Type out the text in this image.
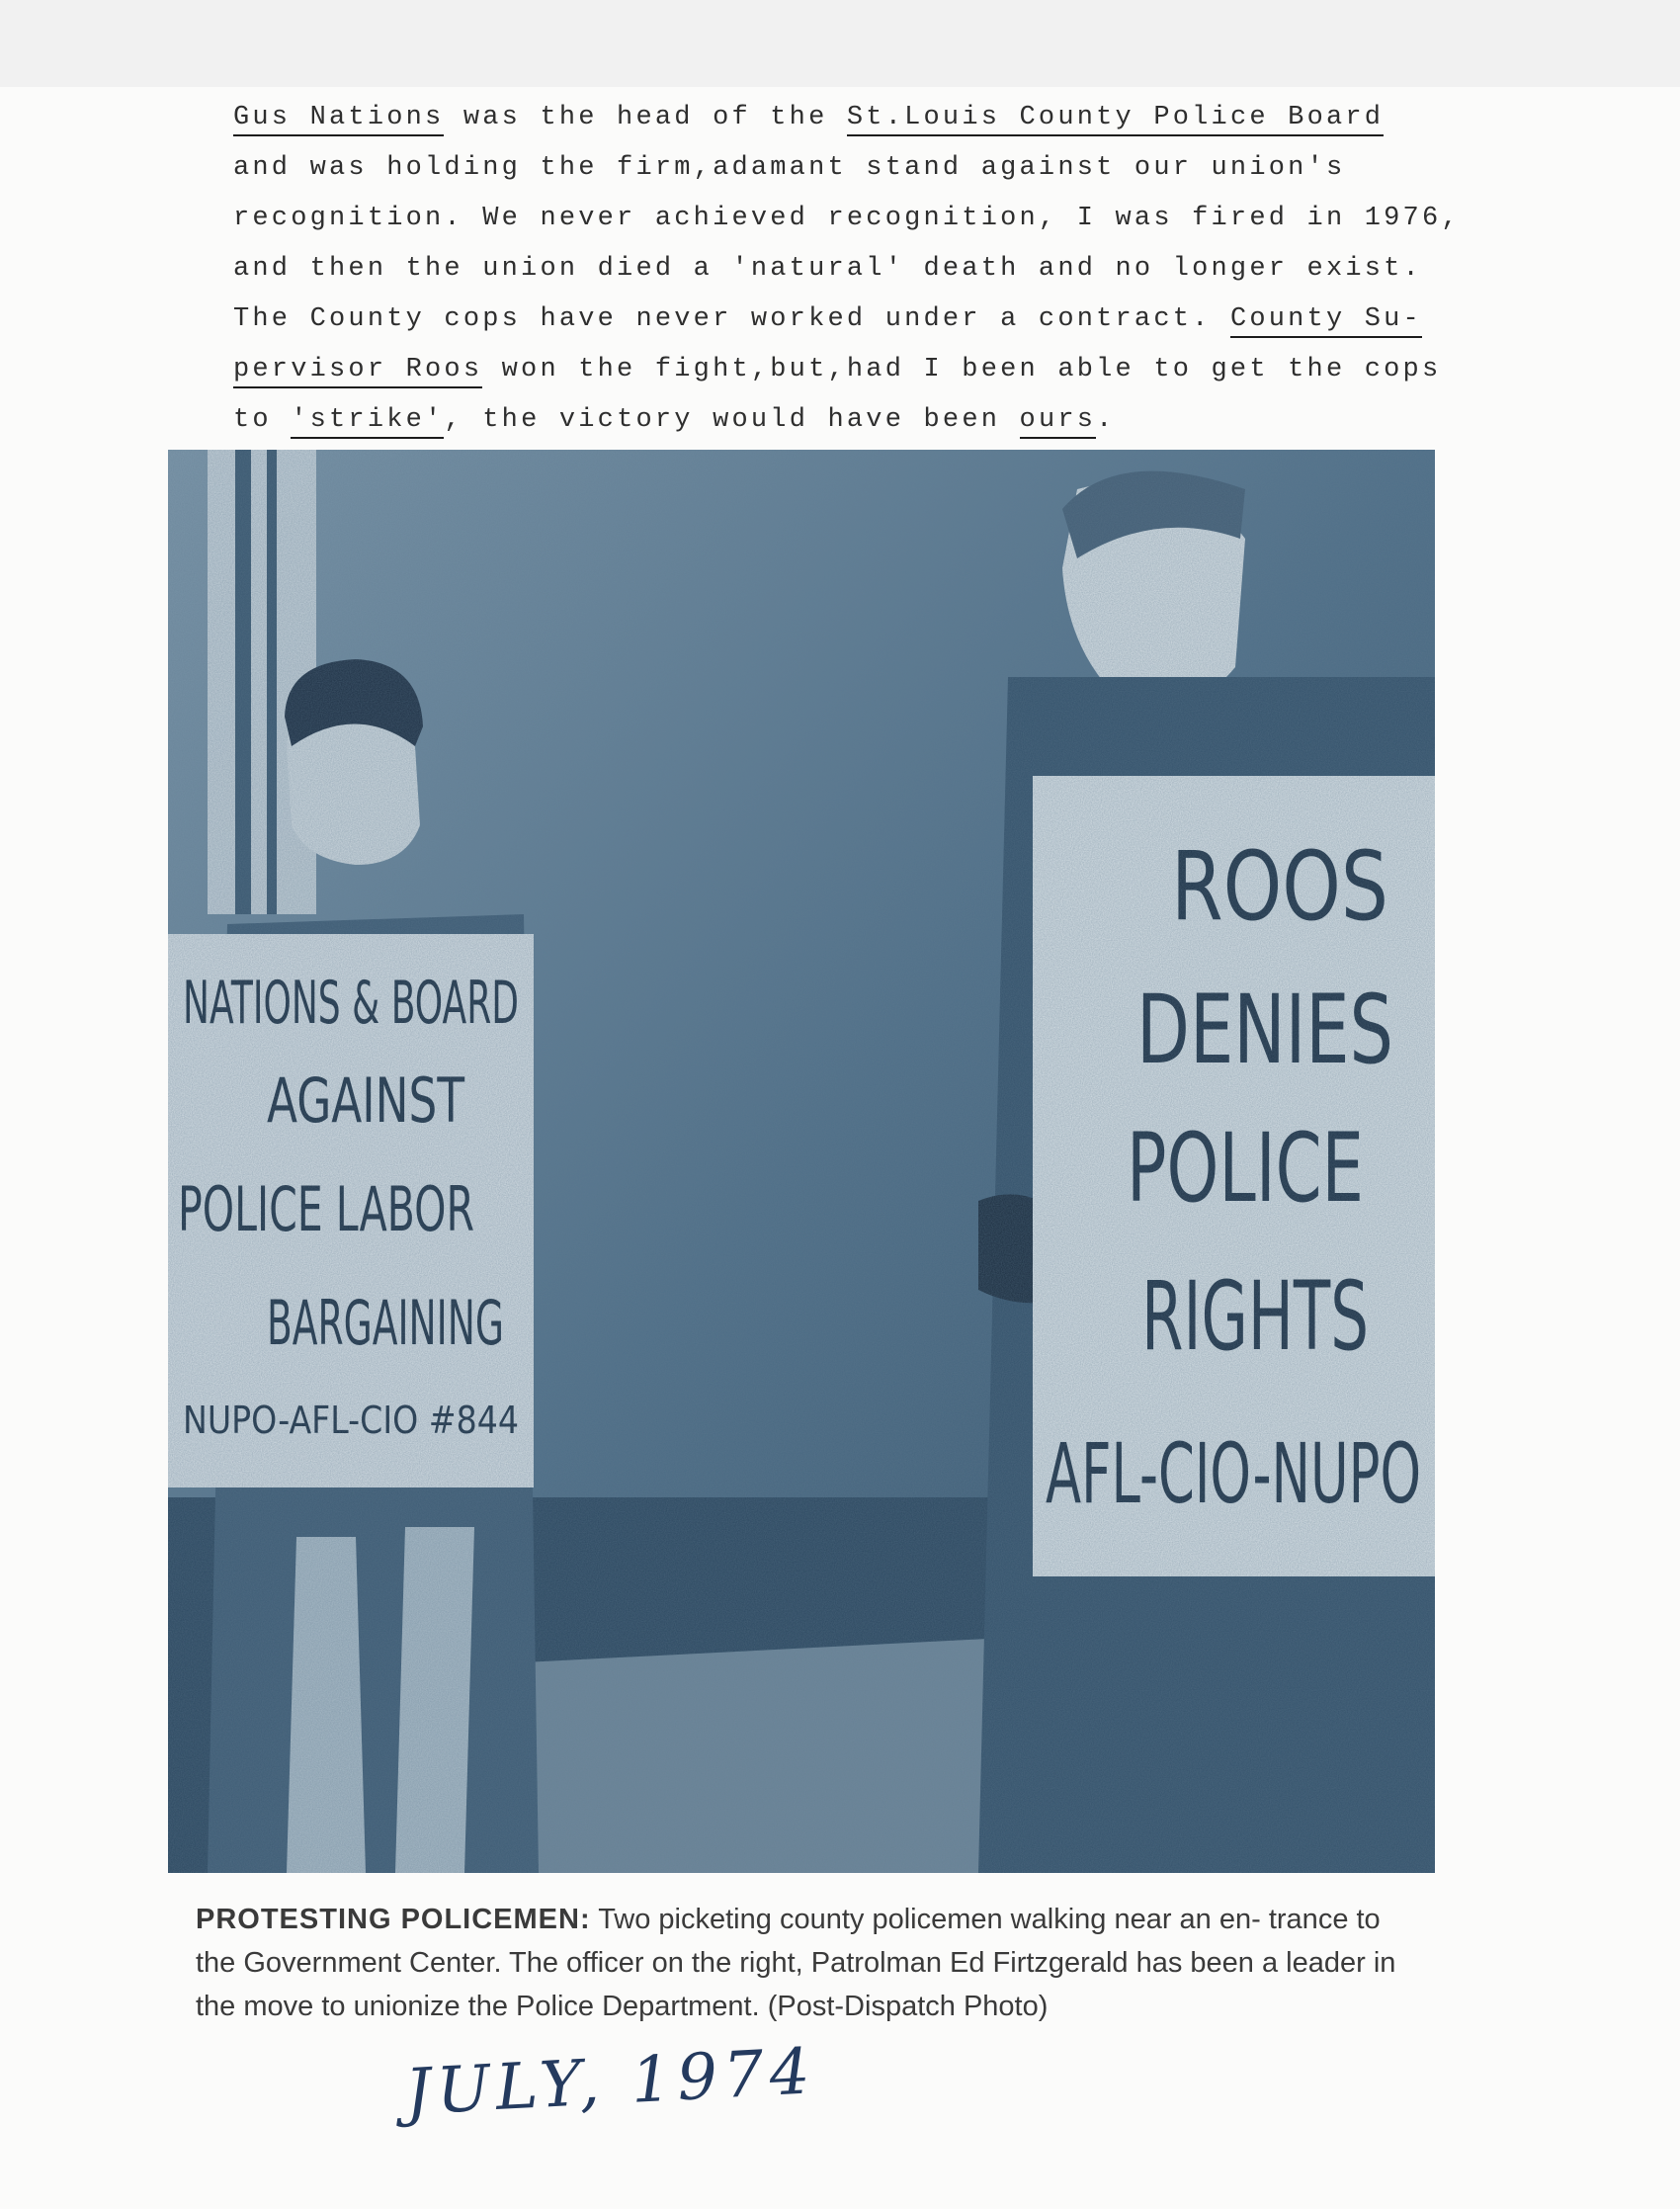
Gus Nations was the head of the St.Louis County Police Board
and was holding the firm,adamant stand against our union's
recognition. We never achieved recognition, I was fired in 1976,
and then the union died a 'natural' death and no longer exist.
The County cops have never worked under a contract. County Su-
pervisor Roos won the fight,but,had I been able to get the cops
to 'strike', the victory would have been ours.

PROTESTING POLICEMEN: Two picketing county policemen walking near an en- trance to the Government Center. The officer on the right, Patrolman Ed Firtzgerald has been a leader in the move to unionize the Police Department. (Post-Dispatch Photo)

JULY, 1974
